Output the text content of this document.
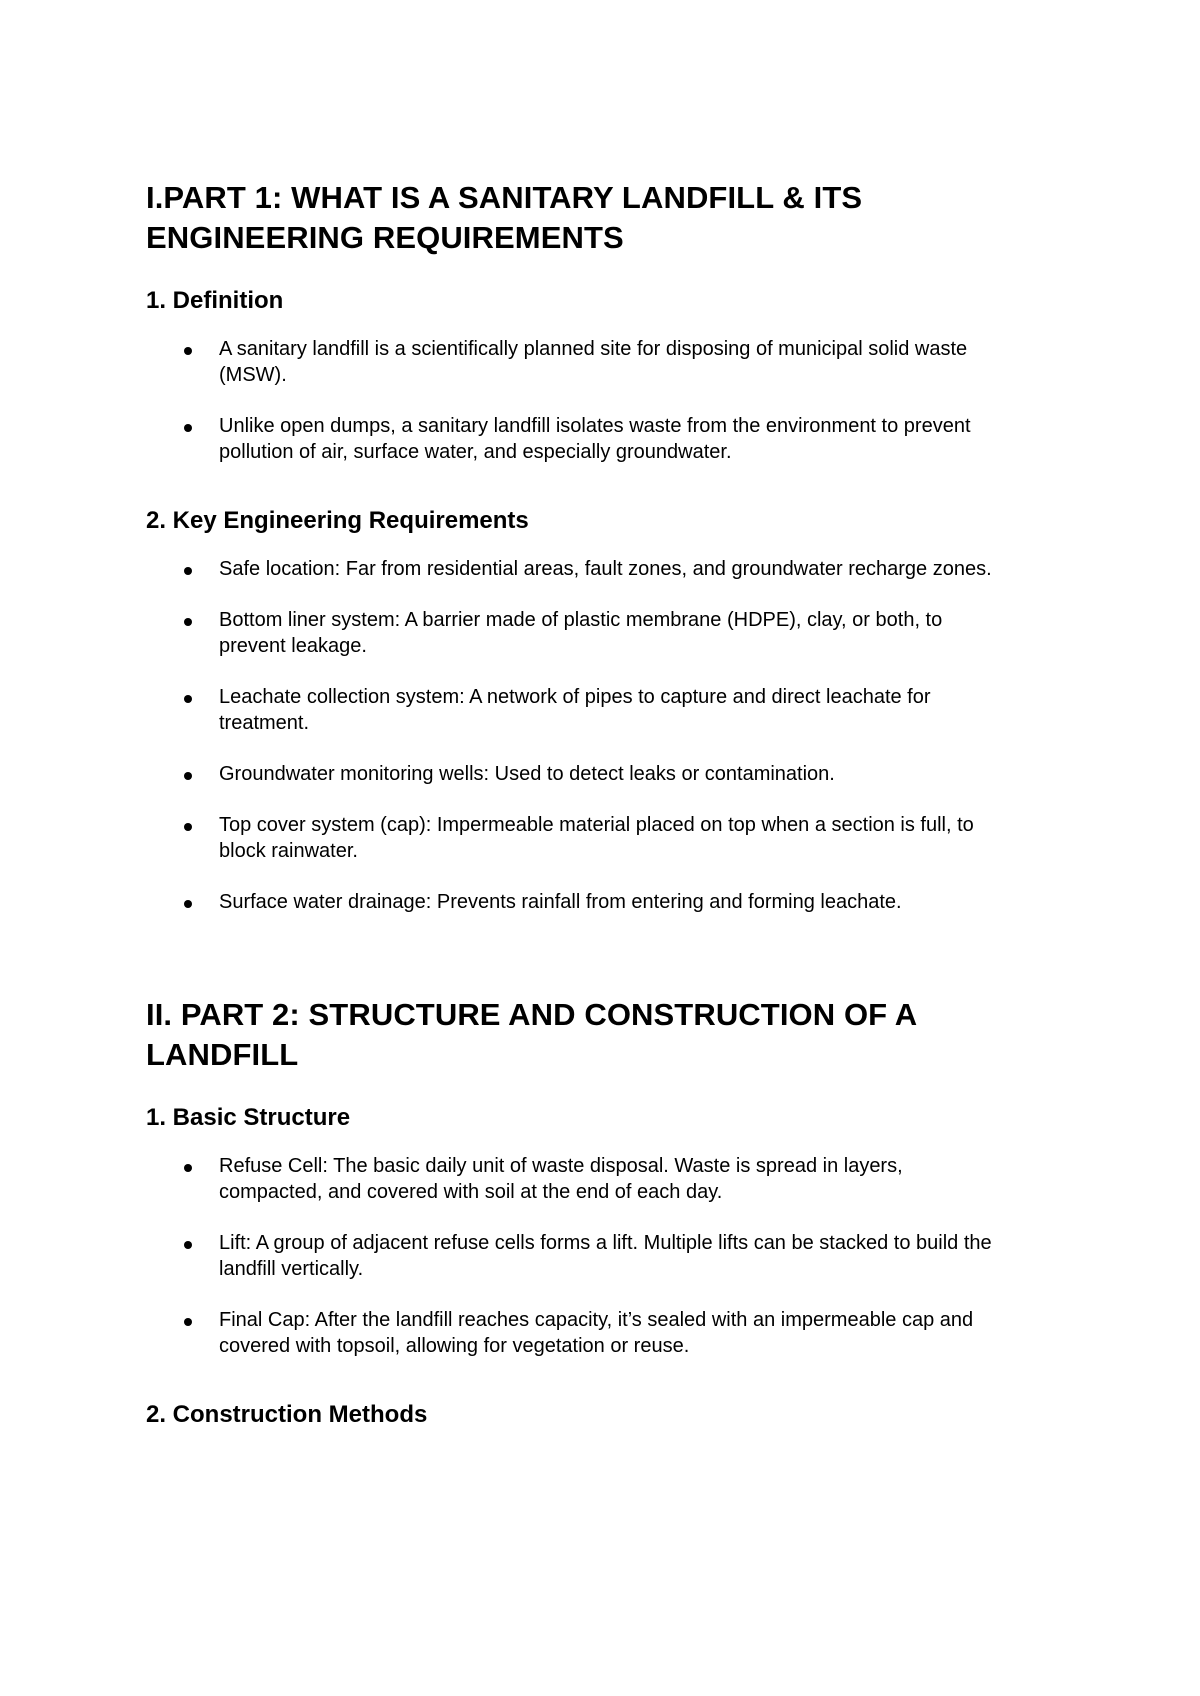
I.PART 1: WHAT IS A SANITARY LANDFILL & ITS
ENGINEERING REQUIREMENTS
1. Definition
A sanitary landfill is a scientifically planned site for disposing of municipal solid waste (MSW).
Unlike open dumps, a sanitary landfill isolates waste from the environment to prevent pollution of air, surface water, and especially groundwater.
2. Key Engineering Requirements
Safe location: Far from residential areas, fault zones, and groundwater recharge zones.
Bottom liner system: A barrier made of plastic membrane (HDPE), clay, or both, to prevent leakage.
Leachate collection system: A network of pipes to capture and direct leachate for treatment.
Groundwater monitoring wells: Used to detect leaks or contamination.
Top cover system (cap): Impermeable material placed on top when a section is full, to block rainwater.
Surface water drainage: Prevents rainfall from entering and forming leachate.
II. PART 2: STRUCTURE AND CONSTRUCTION OF A
LANDFILL
1. Basic Structure
Refuse Cell: The basic daily unit of waste disposal. Waste is spread in layers, compacted, and covered with soil at the end of each day.
Lift: A group of adjacent refuse cells forms a lift. Multiple lifts can be stacked to build the landfill vertically.
Final Cap: After the landfill reaches capacity, it’s sealed with an impermeable cap and covered with topsoil, allowing for vegetation or reuse.
2. Construction Methods
